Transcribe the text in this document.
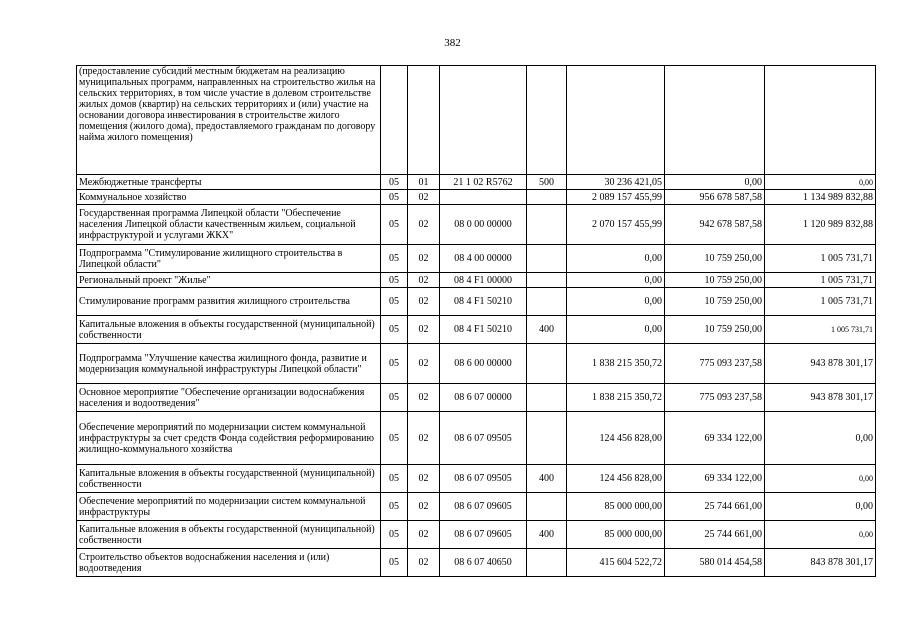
382
(предоставление субсидий местным бюджетам на реализацию муниципальных программ, направленных на строительство жилья на сельских территориях, в том числе участие в долевом строительстве жилых домов (квартир) на сельских территориях и (или) участие на основании договора инвестирования в строительстве жилого помещения (жилого дома), предоставляемого гражданам по договору найма жилого помещения)							
Межбюджетные трансферты	05	01	21 1 02 R5762	500	30 236 421,05	0,00	0,00
Коммунальное хозяйство	05	02			2 089 157 455,99	956 678 587,58	1 134 989 832,88
Государственная программа Липецкой области "Обеспечение населения Липецкой области качественным жильем, социальной инфраструктурой и услугами ЖКХ"	05	02	08 0 00 00000		2 070 157 455,99	942 678 587,58	1 120 989 832,88
Подпрограмма "Стимулирование жилищного строительства в Липецкой области"	05	02	08 4 00 00000		0,00	10 759 250,00	1 005 731,71
Региональный проект "Жилье"	05	02	08 4 F1 00000		0,00	10 759 250,00	1 005 731,71
Стимулирование программ развития жилищного строительства	05	02	08 4 F1 50210		0,00	10 759 250,00	1 005 731,71
Капитальные вложения в объекты государственной (муниципальной) собственности	05	02	08 4 F1 50210	400	0,00	10 759 250,00	1 005 731,71
Подпрограмма "Улучшение качества жилищного фонда, развитие и модернизация коммунальной инфраструктуры Липецкой области"	05	02	08 6 00 00000		1 838 215 350,72	775 093 237,58	943 878 301,17
Основное мероприятие "Обеспечение организации водоснабжения населения и водоотведения"	05	02	08 6 07 00000		1 838 215 350,72	775 093 237,58	943 878 301,17
Обеспечение мероприятий по модернизации систем коммунальной инфраструктуры за счет средств Фонда содействия реформированию жилищно-коммунального хозяйства	05	02	08 6 07 09505		124 456 828,00	69 334 122,00	0,00
Капитальные вложения в объекты государственной (муниципальной) собственности	05	02	08 6 07 09505	400	124 456 828,00	69 334 122,00	0,00
Обеспечение мероприятий по модернизации систем коммунальной инфраструктуры	05	02	08 6 07 09605		85 000 000,00	25 744 661,00	0,00
Капитальные вложения в объекты государственной (муниципальной) собственности	05	02	08 6 07 09605	400	85 000 000,00	25 744 661,00	0,00
Строительство объектов водоснабжения населения и (или) водоотведения	05	02	08 6 07 40650		415 604 522,72	580 014 454,58	843 878 301,17
